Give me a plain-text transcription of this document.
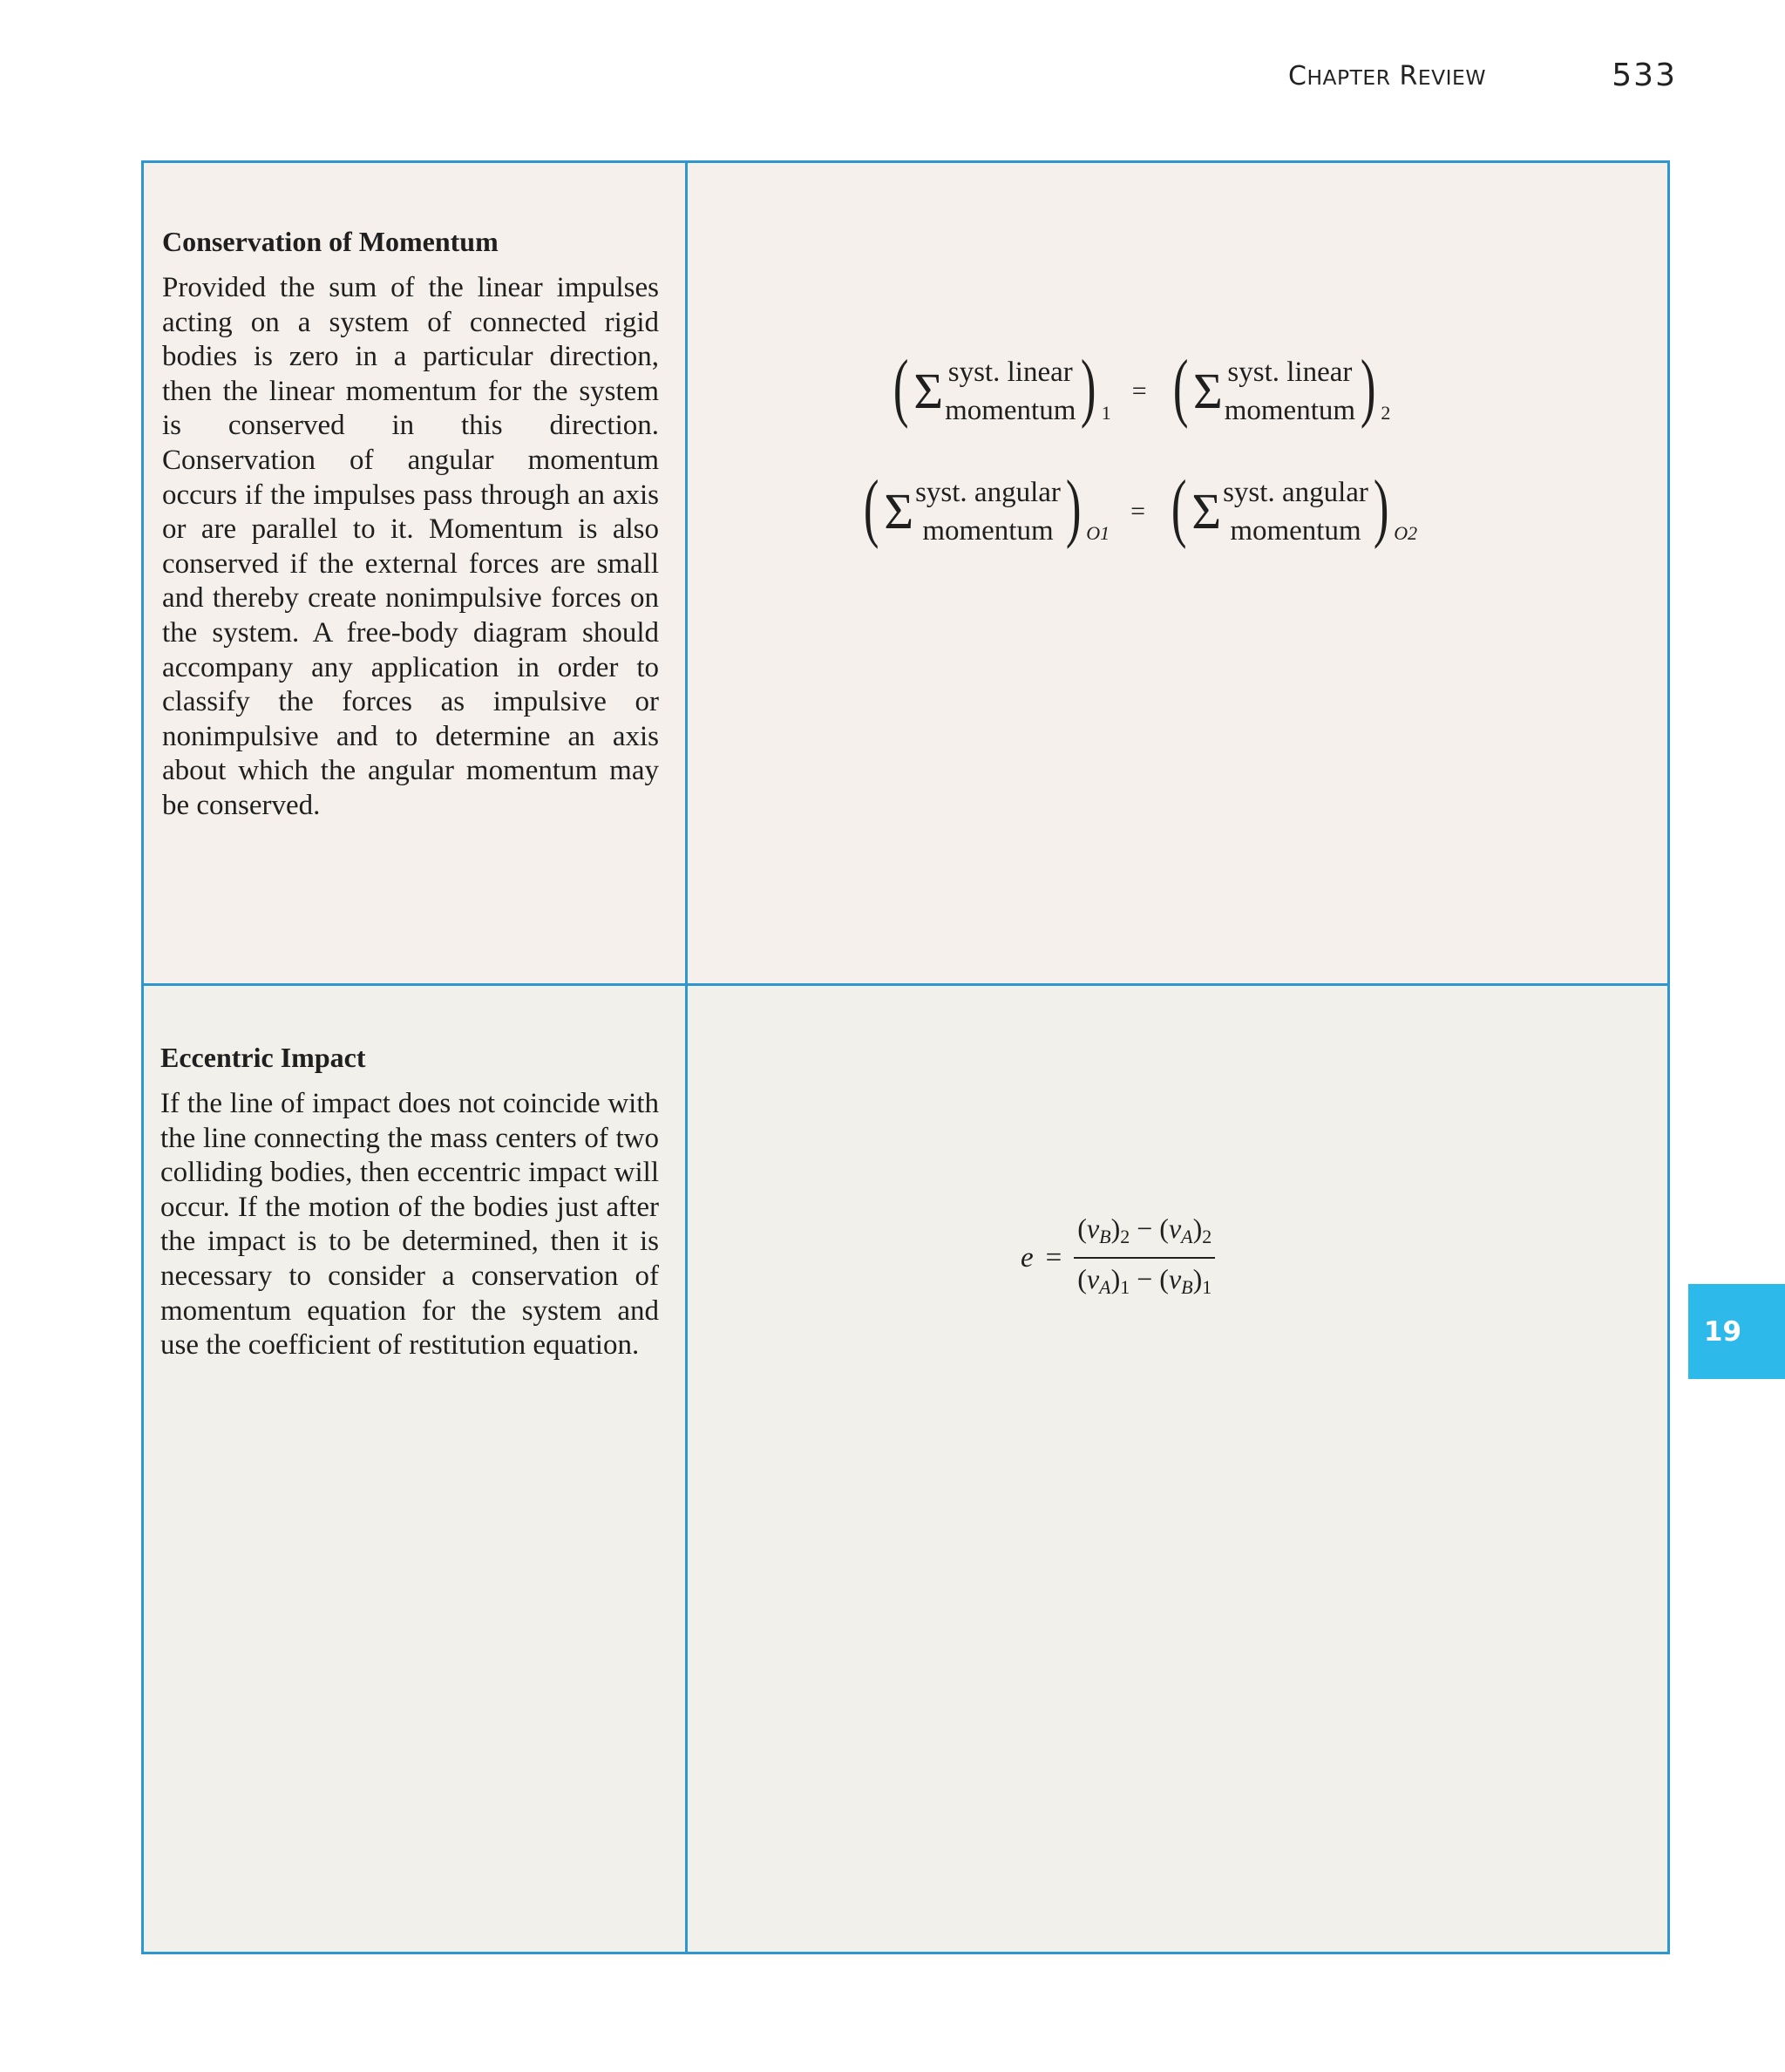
CHAPTER REVIEW	533

Conservation of Momentum

Provided the sum of the linear impulses acting on a system of connected rigid bodies is zero in a particular direction, then the linear momentum for the system is conserved in this direction. Conservation of angular momentum occurs if the impulses pass through an axis or are parallel to it. Momentum is also conserved if the external forces are small and thereby create nonimpulsive forces on the system. A free-body diagram should accompany any application in order to classify the forces as impulsive or nonimpulsive and to determine an axis about which the angular momentum may be conserved.

( Σ syst. linear
momentum ) 1
= ( Σ syst. linear
momentum ) 2
( Σ syst. angular
momentum ) O1
= ( Σ syst. angular
momentum ) O2

Eccentric Impact

If the line of impact does not coincide with the line connecting the mass centers of two colliding bodies, then eccentric impact will occur. If the motion of the bodies just after the impact is to be determined, then it is necessary to consider a conservation of momentum equation for the system and use the coefficient of restitution equation.

$e = \frac{(vB)2 - (vA)2}{(vA)1 - (vB)1}$
19
